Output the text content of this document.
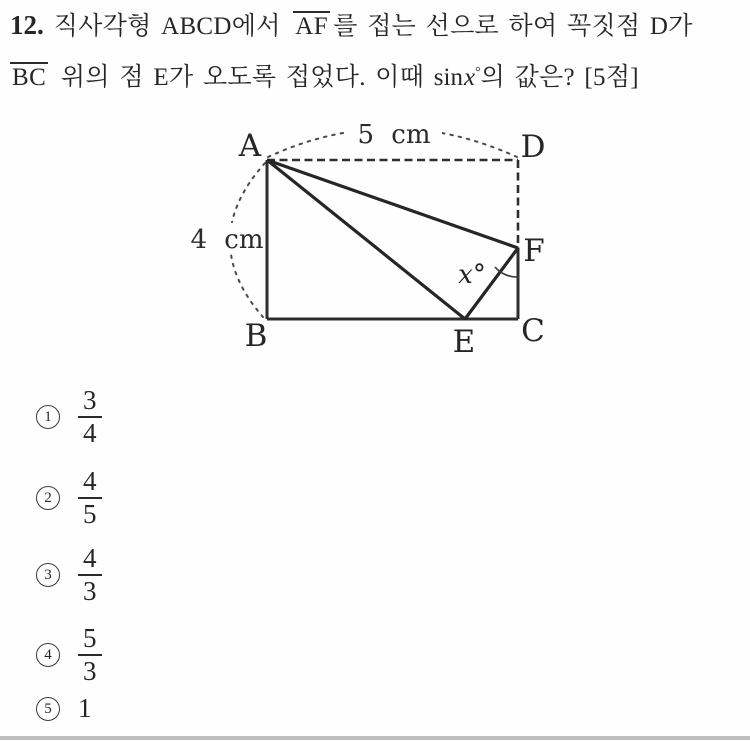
12. 직사각형 ABCD에서 AF 를 접는 선으로 하여 꼭짓점 D가
BC 위의 점 E가 오도록 접었다. 이때 sinx°의 값은? [5점]
A	D
B	C
E
F
5 cm
4 cm
x°
$1 \frac{3}{4}$
$2 \frac{4}{5}$
$3 \frac{4}{3}$
$4 \frac{5}{3}$
5 1
